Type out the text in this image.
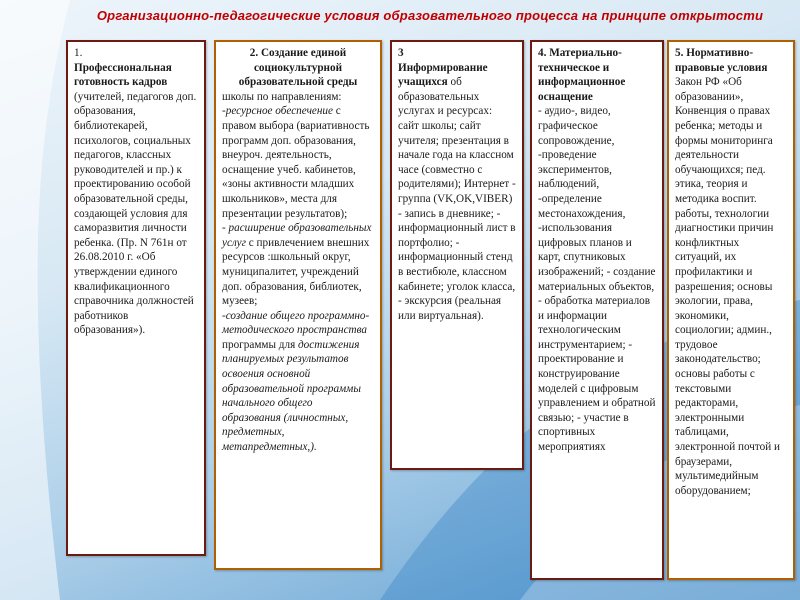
Организационно-педагогические условия образовательного процесса на принципе открытости

1.

Профессиональная готовность кадров

(учителей, педагогов доп. образования, библиотекарей, психологов, социальных педагогов, классных руководителей и пр.) к проектированию особой образовательной среды, создающей условия для саморазвития личности ребенка. (Пр. N 761н от 26.08.2010 г. «Об утверждении единого квалификационного справочника должностей работников образования»).

2. Создание единой социокультурной образовательной среды

школы по направлениям:

-ресурсное обеспечение с правом выбора (вариативность программ доп. образования, внеуроч. деятельность, оснащение учеб. кабинетов, «зоны активности младших школьников», места для презентации результатов);

- расширение образовательных услуг с привлечением внешних ресурсов :школьный округ, муниципалитет, учреждений доп. образования, библиотек, музеев;

-создание общего программно-методического пространства программы для достижения планируемых результатов освоения основной образовательной программы начального общего образования (личностных, предметных, метапредметных,).

3

Информирование учащихся об образовательных услугах и ресурсах:

сайт школы; сайт учителя; презентация в начале года на классном часе (совместно с родителями); Интернет - группа (VK,OK,VIBER) - запись в дневнике; - информационный лист в портфолио; - информационный стенд в вестибюле, классном кабинете; уголок класса, - экскурсия (реальная или виртуальная).

4. Материально-техническое и информационное оснащение

- аудио-, видео, графическое сопровождение, -проведение экспериментов, наблюдений, -определение местонахождения, -использования цифровых планов и карт, спутниковых изображений; - создание материальных объектов, - обработка материалов и информации технологическим инструментарием; - проектирование и конструирование моделей с цифровым управлением и обратной связью; - участие в спортивных мероприятиях

5. Нормативно-правовые условия

Закон РФ «Об образовании», Конвенция о правах ребенка; методы и формы мониторинга деятельности обучающихся; пед. этика, теория и методика воспит. работы, технологии диагностики причин конфликтных ситуаций, их профилактики и разрешения; основы экологии, права, экономики, социологии; админ., трудовое законодательство; основы работы с текстовыми редакторами, электронными таблицами, электронной почтой и браузерами, мультимедийным оборудованием;
